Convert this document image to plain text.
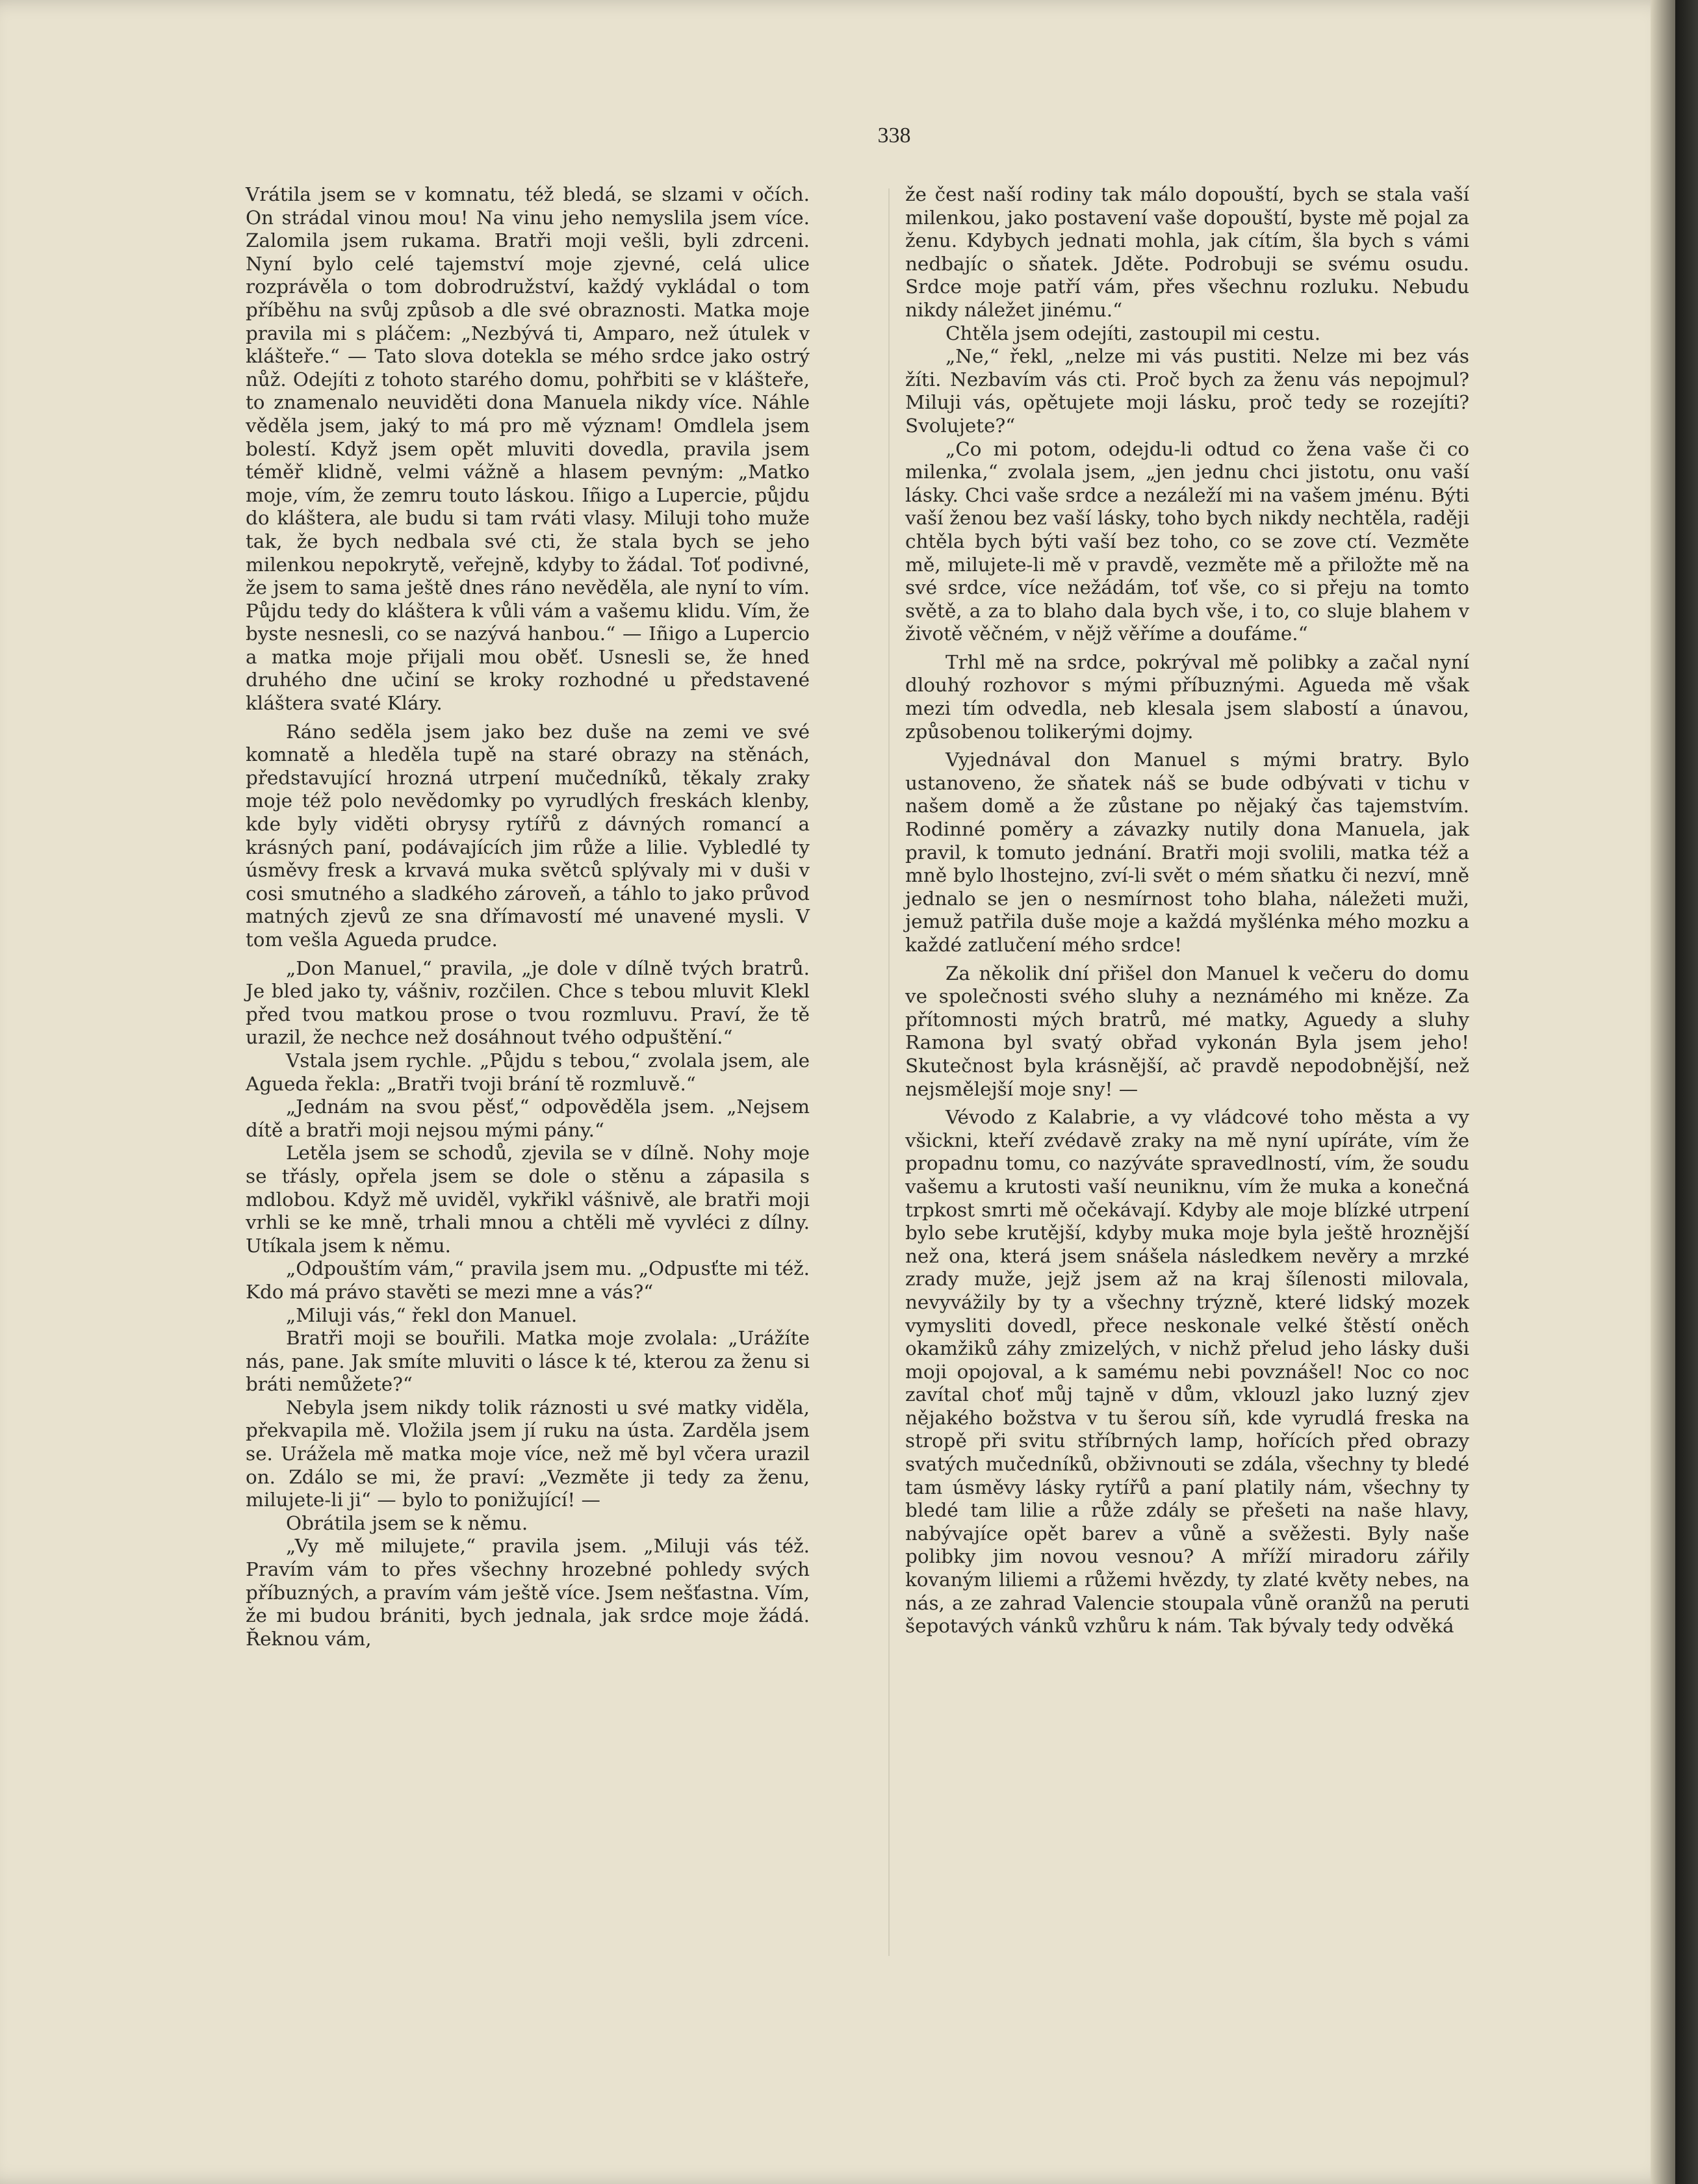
338

Vrátila jsem se v komnatu, též bledá, se slzami v očích. On strádal vinou mou! Na vinu jeho nemyslila jsem více. Zalomila jsem rukama. Bratři moji vešli, byli zdrceni. Nyní bylo celé tajemství moje zjevné, celá ulice rozprávěla o tom dobrodružství, každý vykládal o tom příběhu na svůj způsob a dle své obraznosti. Matka moje pravila mi s pláčem: „Nezbývá ti, Amparo, než útulek v klášteře.“ — Tato slova dotekla se mého srdce jako ostrý nůž. Odejíti z tohoto starého domu, pohřbiti se v klášteře, to znamenalo neuviděti dona Manuela nikdy více. Náhle věděla jsem, jaký to má pro mě význam! Omdlela jsem bolestí. Když jsem opět mluviti dovedla, pravila jsem téměř klidně, velmi vážně a hlasem pevným: „Matko moje, vím, že zemru touto láskou. Iñigo a Lupercie, půjdu do kláštera, ale budu si tam rváti vlasy. Miluji toho muže tak, že bych nedbala své cti, že stala bych se jeho milenkou nepokrytě, veřejně, kdyby to žádal. Toť podivné, že jsem to sama ještě dnes ráno nevěděla, ale nyní to vím. Půjdu tedy do kláštera k vůli vám a vašemu klidu. Vím, že byste nesnesli, co se nazývá hanbou.“ — Iñigo a Lupercio a matka moje přijali mou oběť. Usnesli se, že hned druhého dne učiní se kroky rozhodné u představené kláštera svaté Kláry.

Ráno seděla jsem jako bez duše na zemi ve své komnatě a hleděla tupě na staré obrazy na stěnách, představující hrozná utrpení mučedníků, těkaly zraky moje též polo nevědomky po vyrudlých freskách klenby, kde byly viděti obrysy rytířů z dávných romancí a krásných paní, podávajících jim růže a lilie. Vybledlé ty úsměvy fresk a krvavá muka světců splývaly mi v duši v cosi smutného a sladkého zároveň, a táhlo to jako průvod matných zjevů ze sna dřímavostí mé unavené mysli. V tom vešla Agueda prudce.

„Don Manuel,“ pravila, „je dole v dílně tvých bratrů. Je bled jako ty, vášniv, rozčilen. Chce s tebou mluvit Klekl před tvou matkou prose o tvou rozmluvu. Praví, že tě urazil, že nechce než dosáhnout tvého odpuštění.“

Vstala jsem rychle. „Půjdu s tebou,“ zvolala jsem, ale Agueda řekla: „Bratři tvoji brání tě rozmluvě.“

„Jednám na svou pěsť,“ odpověděla jsem. „Nejsem dítě a bratři moji nejsou mými pány.“

Letěla jsem se schodů, zjevila se v dílně. Nohy moje se třásly, opřela jsem se dole o stěnu a zápasila s mdlobou. Když mě uviděl, vykřikl vášnivě, ale bratři moji vrhli se ke mně, trhali mnou a chtěli mě vyvléci z dílny. Utíkala jsem k němu.

„Odpouštím vám,“ pravila jsem mu. „Odpusťte mi též. Kdo má právo stavěti se mezi mne a vás?“

„Miluji vás,“ řekl don Manuel.

Bratři moji se bouřili. Matka moje zvolala: „Urážíte nás, pane. Jak smíte mluviti o lásce k té, kterou za ženu si bráti nemůžete?“

Nebyla jsem nikdy tolik ráznosti u své matky viděla, překvapila mě. Vložila jsem jí ruku na ústa. Zarděla jsem se. Urážela mě matka moje více, než mě byl včera urazil on. Zdálo se mi, že praví: „Vezměte ji tedy za ženu, milujete-li ji“ — bylo to ponižující! —

Obrátila jsem se k němu.

„Vy mě milujete,“ pravila jsem. „Miluji vás též. Pravím vám to přes všechny hrozebné pohledy svých příbuzných, a pravím vám ještě více. Jsem nešťastna. Vím, že mi budou brániti, bych jednala, jak srdce moje žádá. Řeknou vám,

že čest naší rodiny tak málo dopouští, bych se stala vaší milenkou, jako postavení vaše dopouští, byste mě pojal za ženu. Kdybych jednati mohla, jak cítím, šla bych s vámi nedbajíc o sňatek. Jděte. Podrobuji se svému osudu. Srdce moje patří vám, přes všechnu rozluku. Nebudu nikdy náležet jinému.“

Chtěla jsem odejíti, zastoupil mi cestu.

„Ne,“ řekl, „nelze mi vás pustiti. Nelze mi bez vás žíti. Nezbavím vás cti. Proč bych za ženu vás nepojmul? Miluji vás, opětujete moji lásku, proč tedy se rozejíti? Svolujete?“

„Co mi potom, odejdu-li odtud co žena vaše či co milenka,“ zvolala jsem, „jen jednu chci jistotu, onu vaší lásky. Chci vaše srdce a nezáleží mi na vašem jménu. Býti vaší ženou bez vaší lásky, toho bych nikdy nechtěla, raději chtěla bych býti vaší bez toho, co se zove ctí. Vezměte mě, milujete-li mě v pravdě, vezměte mě a přiložte mě na své srdce, více nežádám, toť vše, co si přeju na tomto světě, a za to blaho dala bych vše, i to, co sluje blahem v životě věčném, v nějž věříme a doufáme.“

Trhl mě na srdce, pokrýval mě polibky a začal nyní dlouhý rozhovor s mými příbuznými. Agueda mě však mezi tím odvedla, neb klesala jsem slabostí a únavou, způsobenou tolikerými dojmy.

Vyjednával don Manuel s mými bratry. Bylo ustanoveno, že sňatek náš se bude odbývati v tichu v našem domě a že zůstane po nějaký čas tajemstvím. Rodinné poměry a závazky nutily dona Manuela, jak pravil, k tomuto jednání. Bratři moji svolili, matka též a mně bylo lhostejno, zví-li svět o mém sňatku či nezví, mně jednalo se jen o nesmírnost toho blaha, náležeti muži, jemuž patřila duše moje a každá myšlénka mého mozku a každé zatlučení mého srdce!

Za několik dní přišel don Manuel k večeru do domu ve společnosti svého sluhy a neznámého mi kněze. Za přítomnosti mých bratrů, mé matky, Aguedy a sluhy Ramona byl svatý obřad vykonán Byla jsem jeho! Skutečnost byla krásnější, ač pravdě nepodobnější, než nejsmělejší moje sny! —

Vévodo z Kalabrie, a vy vládcové toho města a vy všickni, kteří zvédavě zraky na mě nyní upíráte, vím že propadnu tomu, co nazýváte spravedlností, vím, že soudu vašemu a krutosti vaší neuniknu, vím že muka a konečná trpkost smrti mě očekávají. Kdyby ale moje blízké utrpení bylo sebe krutější, kdyby muka moje byla ještě hroznější než ona, která jsem snášela následkem nevěry a mrzké zrady muže, jejž jsem až na kraj šílenosti milovala, nevyvážily by ty a všechny trýzně, které lidský mozek vymysliti dovedl, přece neskonale velké štěstí oněch okamžiků záhy zmizelých, v nichž přelud jeho lásky duši moji opojoval, a k samému nebi povznášel! Noc co noc zavítal choť můj tajně v dům, vklouzl jako luzný zjev nějakého božstva v tu šerou síň, kde vyrudlá freska na stropě při svitu stříbrných lamp, hořících před obrazy svatých mučedníků, obživnouti se zdála, všechny ty bledé tam úsměvy lásky rytířů a paní platily nám, všechny ty bledé tam lilie a růže zdály se přešeti na naše hlavy, nabývajíce opět barev a vůně a svěžesti. Byly naše polibky jim novou vesnou? A mříží miradoru zářily kovaným liliemi a růžemi hvězdy, ty zlaté květy nebes, na nás, a ze zahrad Valencie stoupala vůně oranžů na peruti šepotavých vánků vzhůru k nám. Tak bývaly tedy odvěká
